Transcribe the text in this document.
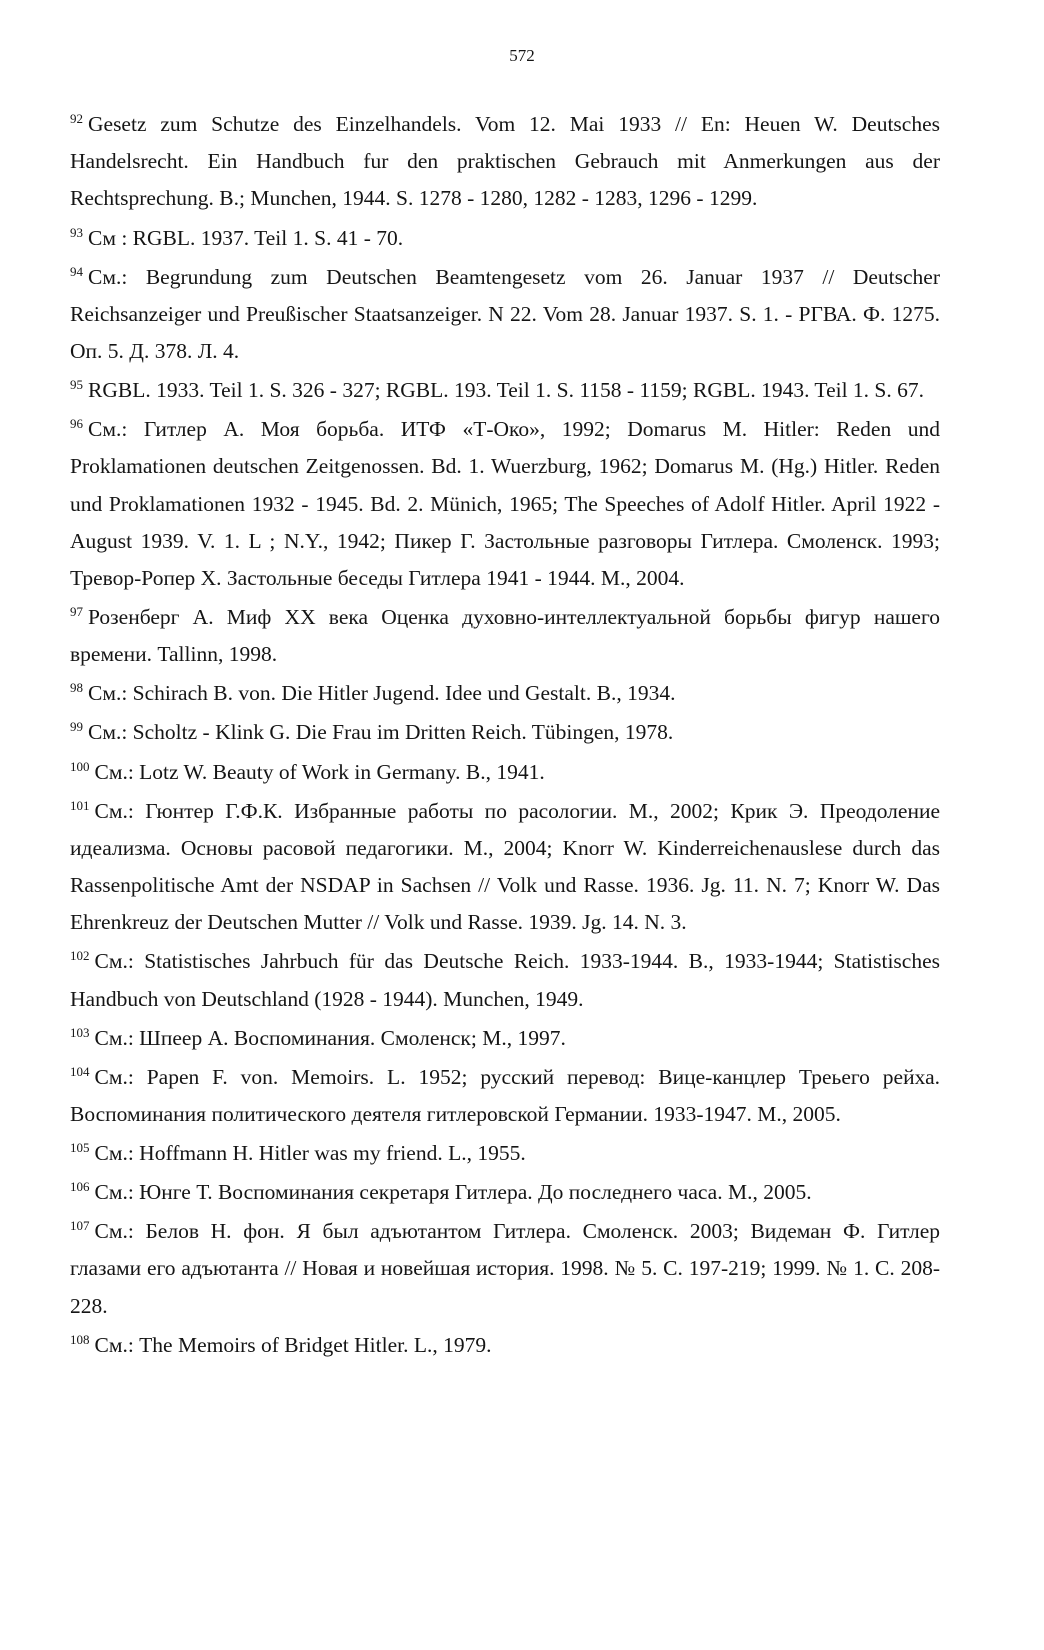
572

$^{92}$ Gesetz zum Schutze des Einzelhandels. Vom 12. Mai 1933 // En: Heuen W. Deutsches Handelsrecht. Ein Handbuch fur den praktischen Gebrauch mit Anmerkungen aus der Rechtsprechung. B.; Munchen, 1944. S. 1278 - 1280, 1282 - 1283, 1296 - 1299.

$^{93}$ См : RGBL. 1937. Teil 1. S. 41 - 70.

$^{94}$ См.: Begrundung zum Deutschen Beamtengesetz vom 26. Januar 1937 // Deutscher Reichsanzeiger und Preußischer Staatsanzeiger. N 22. Vom 28. Januar 1937. S. 1. - РГВА. Ф. 1275. Оп. 5. Д. 378. Л. 4.

$^{95}$ RGBL. 1933. Teil 1. S. 326 - 327; RGBL. 193. Teil 1. S. 1158 - 1159; RGBL. 1943. Teil 1. S. 67.

$^{96}$ См.: Гитлер А. Моя борьба. ИТФ «Т-Око», 1992; Domarus M. Hitler: Reden und Proklamationen deutschen Zeitgenossen. Bd. 1. Wuerzburg, 1962; Domarus M. (Hg.) Hitler. Reden und Proklamationen 1932 - 1945. Bd. 2. Münich, 1965; The Speeches of Adolf Hitler. April 1922 - August 1939. V. 1. L ; N.Y., 1942; Пикер Г. Застольные разговоры Гитлера. Смоленск. 1993; Тревор-Ропер Х. Застольные беседы Гитлера 1941 - 1944. М., 2004.

$^{97}$ Розенберг А. Миф XX века Оценка духовно-интеллектуальной борьбы фигур нашего времени. Tallinn, 1998.

$^{98}$ См.: Schirach B. von. Die Hitler Jugend. Idee und Gestalt. B., 1934.

$^{99}$ См.: Scholtz - Klink G. Die Frau im Dritten Reich. Tübingen, 1978.

$^{100}$ См.: Lotz W. Beauty of Work in Germany. B., 1941.

$^{101}$ См.: Гюнтер Г.Ф.К. Избранные работы по расологии. М., 2002; Крик Э. Преодоление идеализма. Основы расовой педагогики. М., 2004; Knorr W. Kinderreichenauslese durch das Rassenpolitische Amt der NSDAP in Sachsen // Volk und Rasse. 1936. Jg. 11. N. 7; Knorr W. Das Ehrenkreuz der Deutschen Mutter // Volk und Rasse. 1939. Jg. 14. N. 3.

$^{102}$ См.: Statistisches Jahrbuch für das Deutsche Reich. 1933-1944. B., 1933-1944; Statistisches Handbuch von Deutschland (1928 - 1944). Munchen, 1949.

$^{103}$ См.: Шпеер А. Воспоминания. Смоленск; М., 1997.

$^{104}$ См.: Papen F. von. Memoirs. L. 1952; русский перевод: Вице-канцлер Треьего рейха. Воспоминания политического деятеля гитлеровской Германии. 1933-1947. М., 2005.

$^{105}$ См.: Hoffmann H. Hitler was my friend. L., 1955.

$^{106}$ См.: Юнге Т. Воспоминания секретаря Гитлера. До последнего часа. М., 2005.

$^{107}$ См.: Белов Н. фон. Я был адъютантом Гитлера. Смоленск. 2003; Видеман Ф. Гитлер глазами его адъютанта // Новая и новейшая история. 1998. № 5. С. 197-219; 1999. № 1. С. 208-228.

$^{108}$ См.: The Memoirs of Bridget Hitler. L., 1979.
